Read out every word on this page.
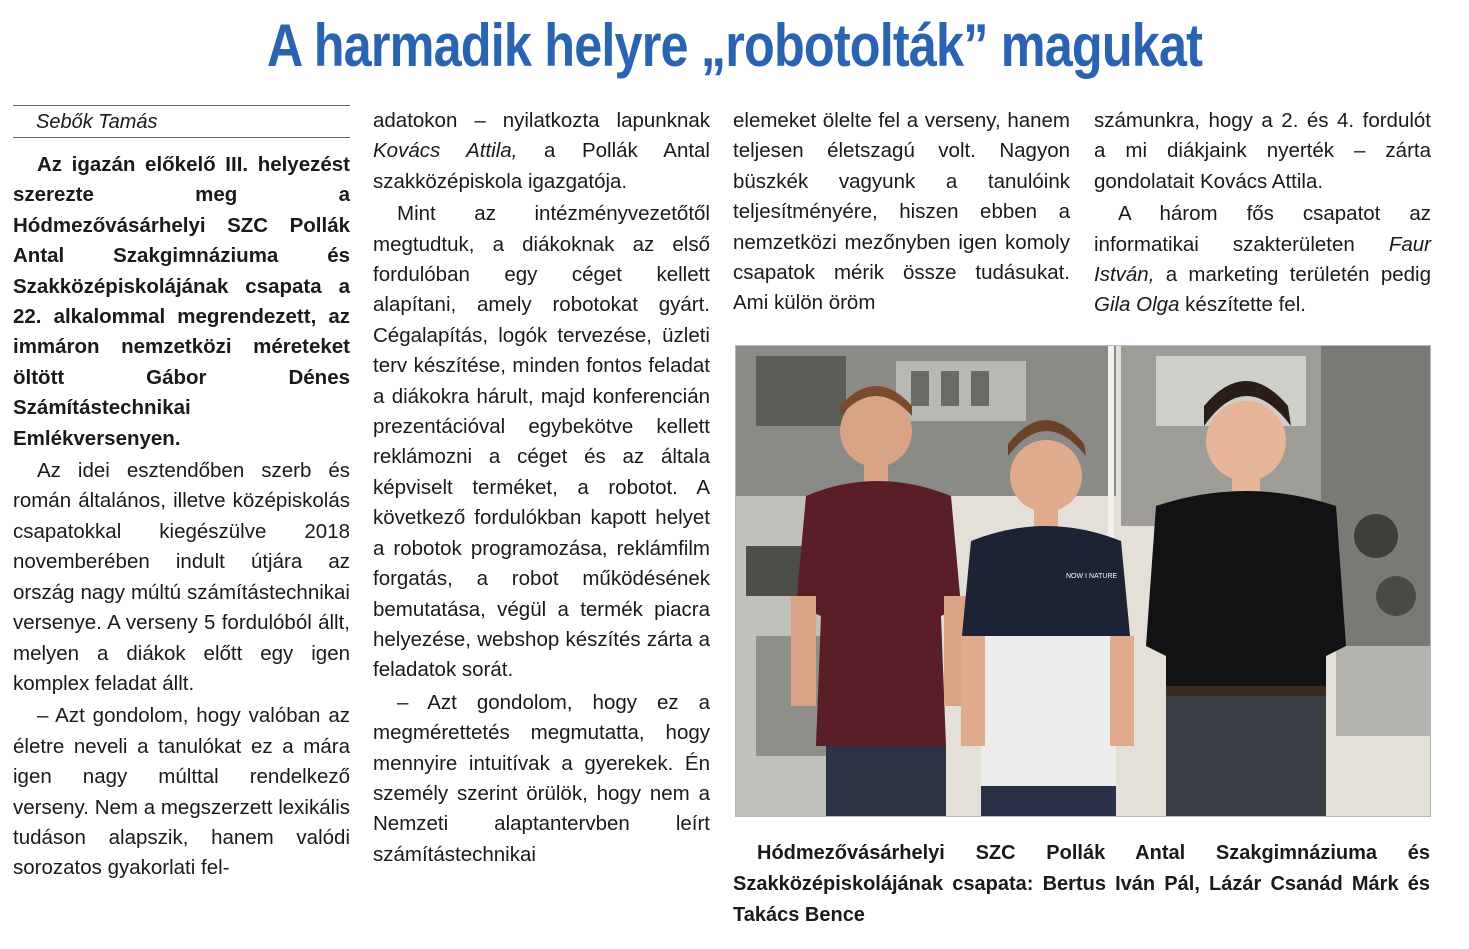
A harmadik helyre „robotolták” magukat
Sebők Tamás

Az igazán előkelő III. helyezést szerezte meg a Hódmezővásárhelyi SZC Pollák Antal Szakgimnáziuma és Szakközépiskolájának csapata a 22. alkalommal megrendezett, az immáron nemzetközi méreteket öltött Gábor Dénes Számítástechnikai Emlékversenyen.

Az idei esztendőben szerb és román általános, illetve középiskolás csapatokkal kiegészülve 2018 novemberében indult útjára az ország nagy múltú számítástechnikai versenye. A verseny 5 fordulóból állt, melyen a diákok előtt egy igen komplex feladat állt.

– Azt gondolom, hogy valóban az életre neveli a tanulókat ez a mára igen nagy múlttal rendelkező verseny. Nem a megszerzett lexikális tudáson alapszik, hanem valódi sorozatos gyakorlati fel-

adatokon – nyilatkozta lapunknak Kovács Attila, a Pollák Antal szakközépiskola igazgatója.

Mint az intézményvezetőtől megtudtuk, a diákoknak az első fordulóban egy céget kellett alapítani, amely robotokat gyárt. Cégalapítás, logók tervezése, üzleti terv készítése, minden fontos feladat a diákokra hárult, majd konferencián prezentációval egybekötve kellett reklámozni a céget és az általa képviselt terméket, a robotot. A következő fordulókban kapott helyet a robotok programozása, reklámfilm forgatás, a robot működésének bemutatása, végül a termék piacra helyezése, webshop készítés zárta a feladatok sorát.

– Azt gondolom, hogy ez a megmérettetés megmutatta, hogy mennyire intuitívak a gyerekek. Én személy szerint örülök, hogy nem a Nemzeti alaptantervben leírt számítástechnikai

elemeket ölelte fel a verseny, hanem teljesen életszagú volt. Nagyon büszkék vagyunk a tanulóink teljesítményére, hiszen ebben a nemzetközi mezőnyben igen komoly csapatok mérik össze tudásukat. Ami külön öröm

számunkra, hogy a 2. és 4. fordulót a mi diákjaink nyerték – zárta gondolatait Kovács Attila.

A három fős csapatot az informatikai szakterületen Faur István, a marketing területén pedig Gila Olga készítette fel.

NOW I NATURE
Hódmezővásárhelyi SZC Pollák Antal Szakgimnáziuma és Szakközépiskolájának csapata: Bertus Iván Pál, Lázár Csanád Márk és Takács Bence
